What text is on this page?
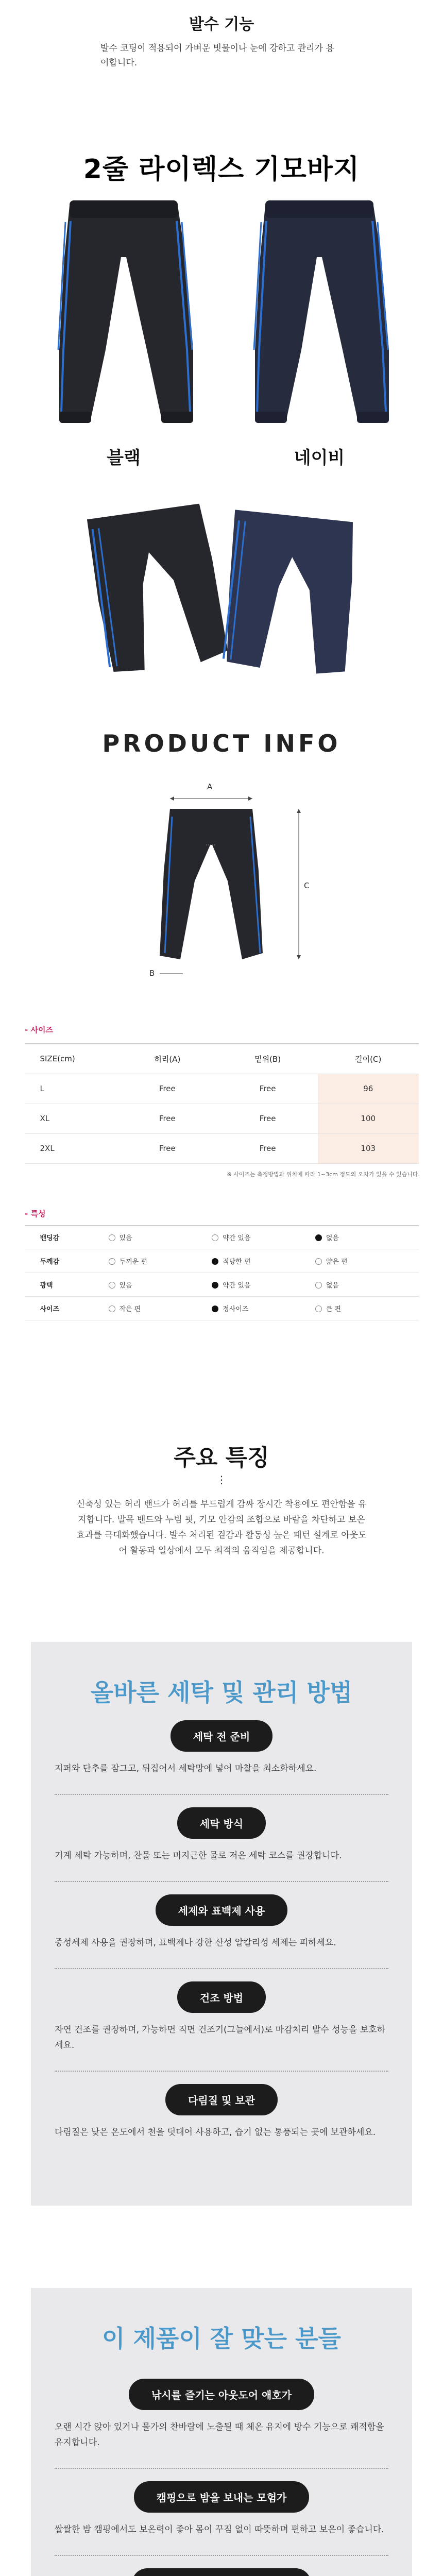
발수 기능

발수 코팅이 적용되어 가벼운 빗물이나 눈에 강하고 관리가 용이합니다.

2줄 라이렉스 기모바지
블랙	네이비
PRODUCT INFO
A
C
B
- 사이즈
SIZE(cm)	허리(A)	밑위(B)	길이(C)
L	Free	Free	96
XL	Free	Free	100
2XL	Free	Free	103
※ 사이즈는 측정방법과 위치에 따라 1~3cm 정도의 오차가 있을 수 있습니다.
- 특성
밴딩감	있음	약간 있음	없음
두께감	두꺼운 편	적당한 편	얇은 편
광택	있음	약간 있음	없음
사이즈	작은 편	정사이즈	큰 편
주요 특징
⋮

신축성 있는 허리 밴드가 허리를 부드럽게 감싸 장시간 착용에도 편안함을 유지합니다. 발목 밴드와 누빔 핏, 기모 안감의 조합으로 바람을 차단하고 보온 효과를 극대화했습니다. 발수 처리된 겉감과 활동성 높은 패턴 설계로 아웃도어 활동과 일상에서 모두 최적의 움직임을 제공합니다.

올바른 세탁 및 관리 방법
세탁 전 준비
지퍼와 단추를 잠그고, 뒤집어서 세탁망에 넣어 마찰을 최소화하세요.
세탁 방식
기계 세탁 가능하며, 찬물 또는 미지근한 물로 저온 세탁 코스를 권장합니다.
세제와 표백제 사용
중성세제 사용을 권장하며, 표백제나 강한 산성 알칼리성 세제는 피하세요.
건조 방법
자연 건조를 권장하며, 가능하면 직면 건조기(그늘에서)로 마감처리 발수 성능을 보호하세요.
다림질 및 보관
다림질은 낮은 온도에서 천을 덧대어 사용하고, 습기 없는 통풍되는 곳에 보관하세요.
이 제품이 잘 맞는 분들
낚시를 즐기는 아웃도어 애호가
오랜 시간 앉아 있거나 물가의 찬바람에 노출될 때 체온 유지에 방수 기능으로 쾌적함을 유지합니다.
캠핑으로 밤을 보내는 모험가
쌀쌀한 밤 캠핑에서도 보온력이 좋아 몸이 꾸짐 없이 따뜻하며 편하고 보온이 좋습니다.
